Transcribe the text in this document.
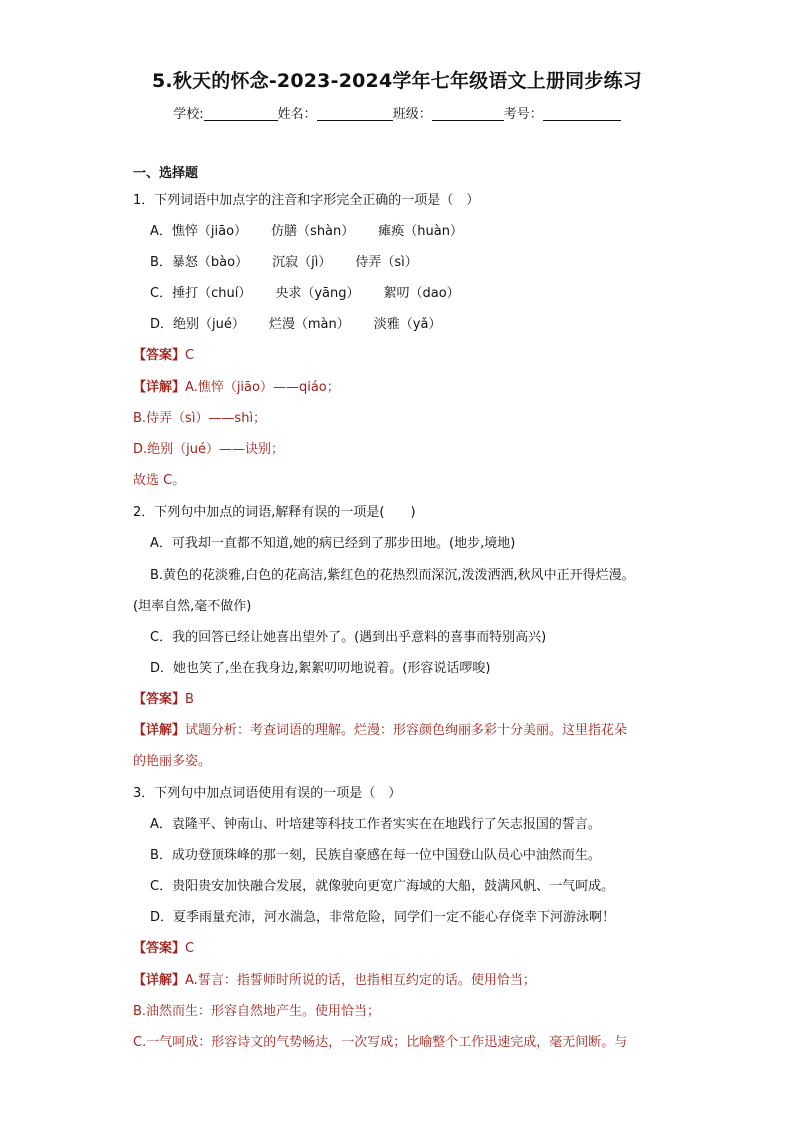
5.秋天的怀念-2023-2024学年七年级语文上册同步练习
学校:	姓名：	班级：	考号：
一、选择题
1．下列词语中加点字的注音和字形完全正确的一项是（　）
A．憔悴（jiāo） 仿膳（shàn） 瘫痪（huàn）
B．暴怒（bào） 沉寂（jì） 侍弄（sì）
C．捶打（chuí） 央求（yāng） 絮叨（dao）
D．绝别（jué） 烂漫（màn） 淡雅（yǎ）
【答案】C
【详解】A.憔悴（jiāo）——qiáo；
B.侍弄（sì）——shì；
D.绝别（jué）——诀别；
故选 C。
2．下列句中加点的词语,解释有误的一项是(　　)
A．可我却一直都不知道,她的病已经到了那步田地。(地步,境地)
B.黄色的花淡雅,白色的花高洁,紫红色的花热烈而深沉,泼泼洒洒,秋风中正开得烂漫。
(坦率自然,毫不做作)
C．我的回答已经让她喜出望外了。(遇到出乎意料的喜事而特别高兴)
D．她也笑了,坐在我身边,絮絮叨叨地说着。(形容说话啰唆)
【答案】B
【详解】试题分析：考查词语的理解。烂漫：形容颜色绚丽多彩十分美丽。这里指花朵
的艳丽多姿。
3．下列句中加点词语使用有误的一项是（　）
A．袁隆平、钟南山、叶培建等科技工作者实实在在地践行了矢志报国的誓言。
B．成功登顶珠峰的那一刻，民族自豪感在每一位中国登山队员心中油然而生。
C．贵阳贵安加快融合发展，就像驶向更宽广海域的大船，鼓满风帆、一气呵成。
D．夏季雨量充沛，河水湍急，非常危险，同学们一定不能心存侥幸下河游泳啊！
【答案】C
【详解】A.誓言：指誓师时所说的话，也指相互约定的话。使用恰当；
B.油然而生：形容自然地产生。使用恰当；
C.一气呵成：形容诗文的气势畅达，一次写成；比喻整个工作迅速完成，毫无间断。与
